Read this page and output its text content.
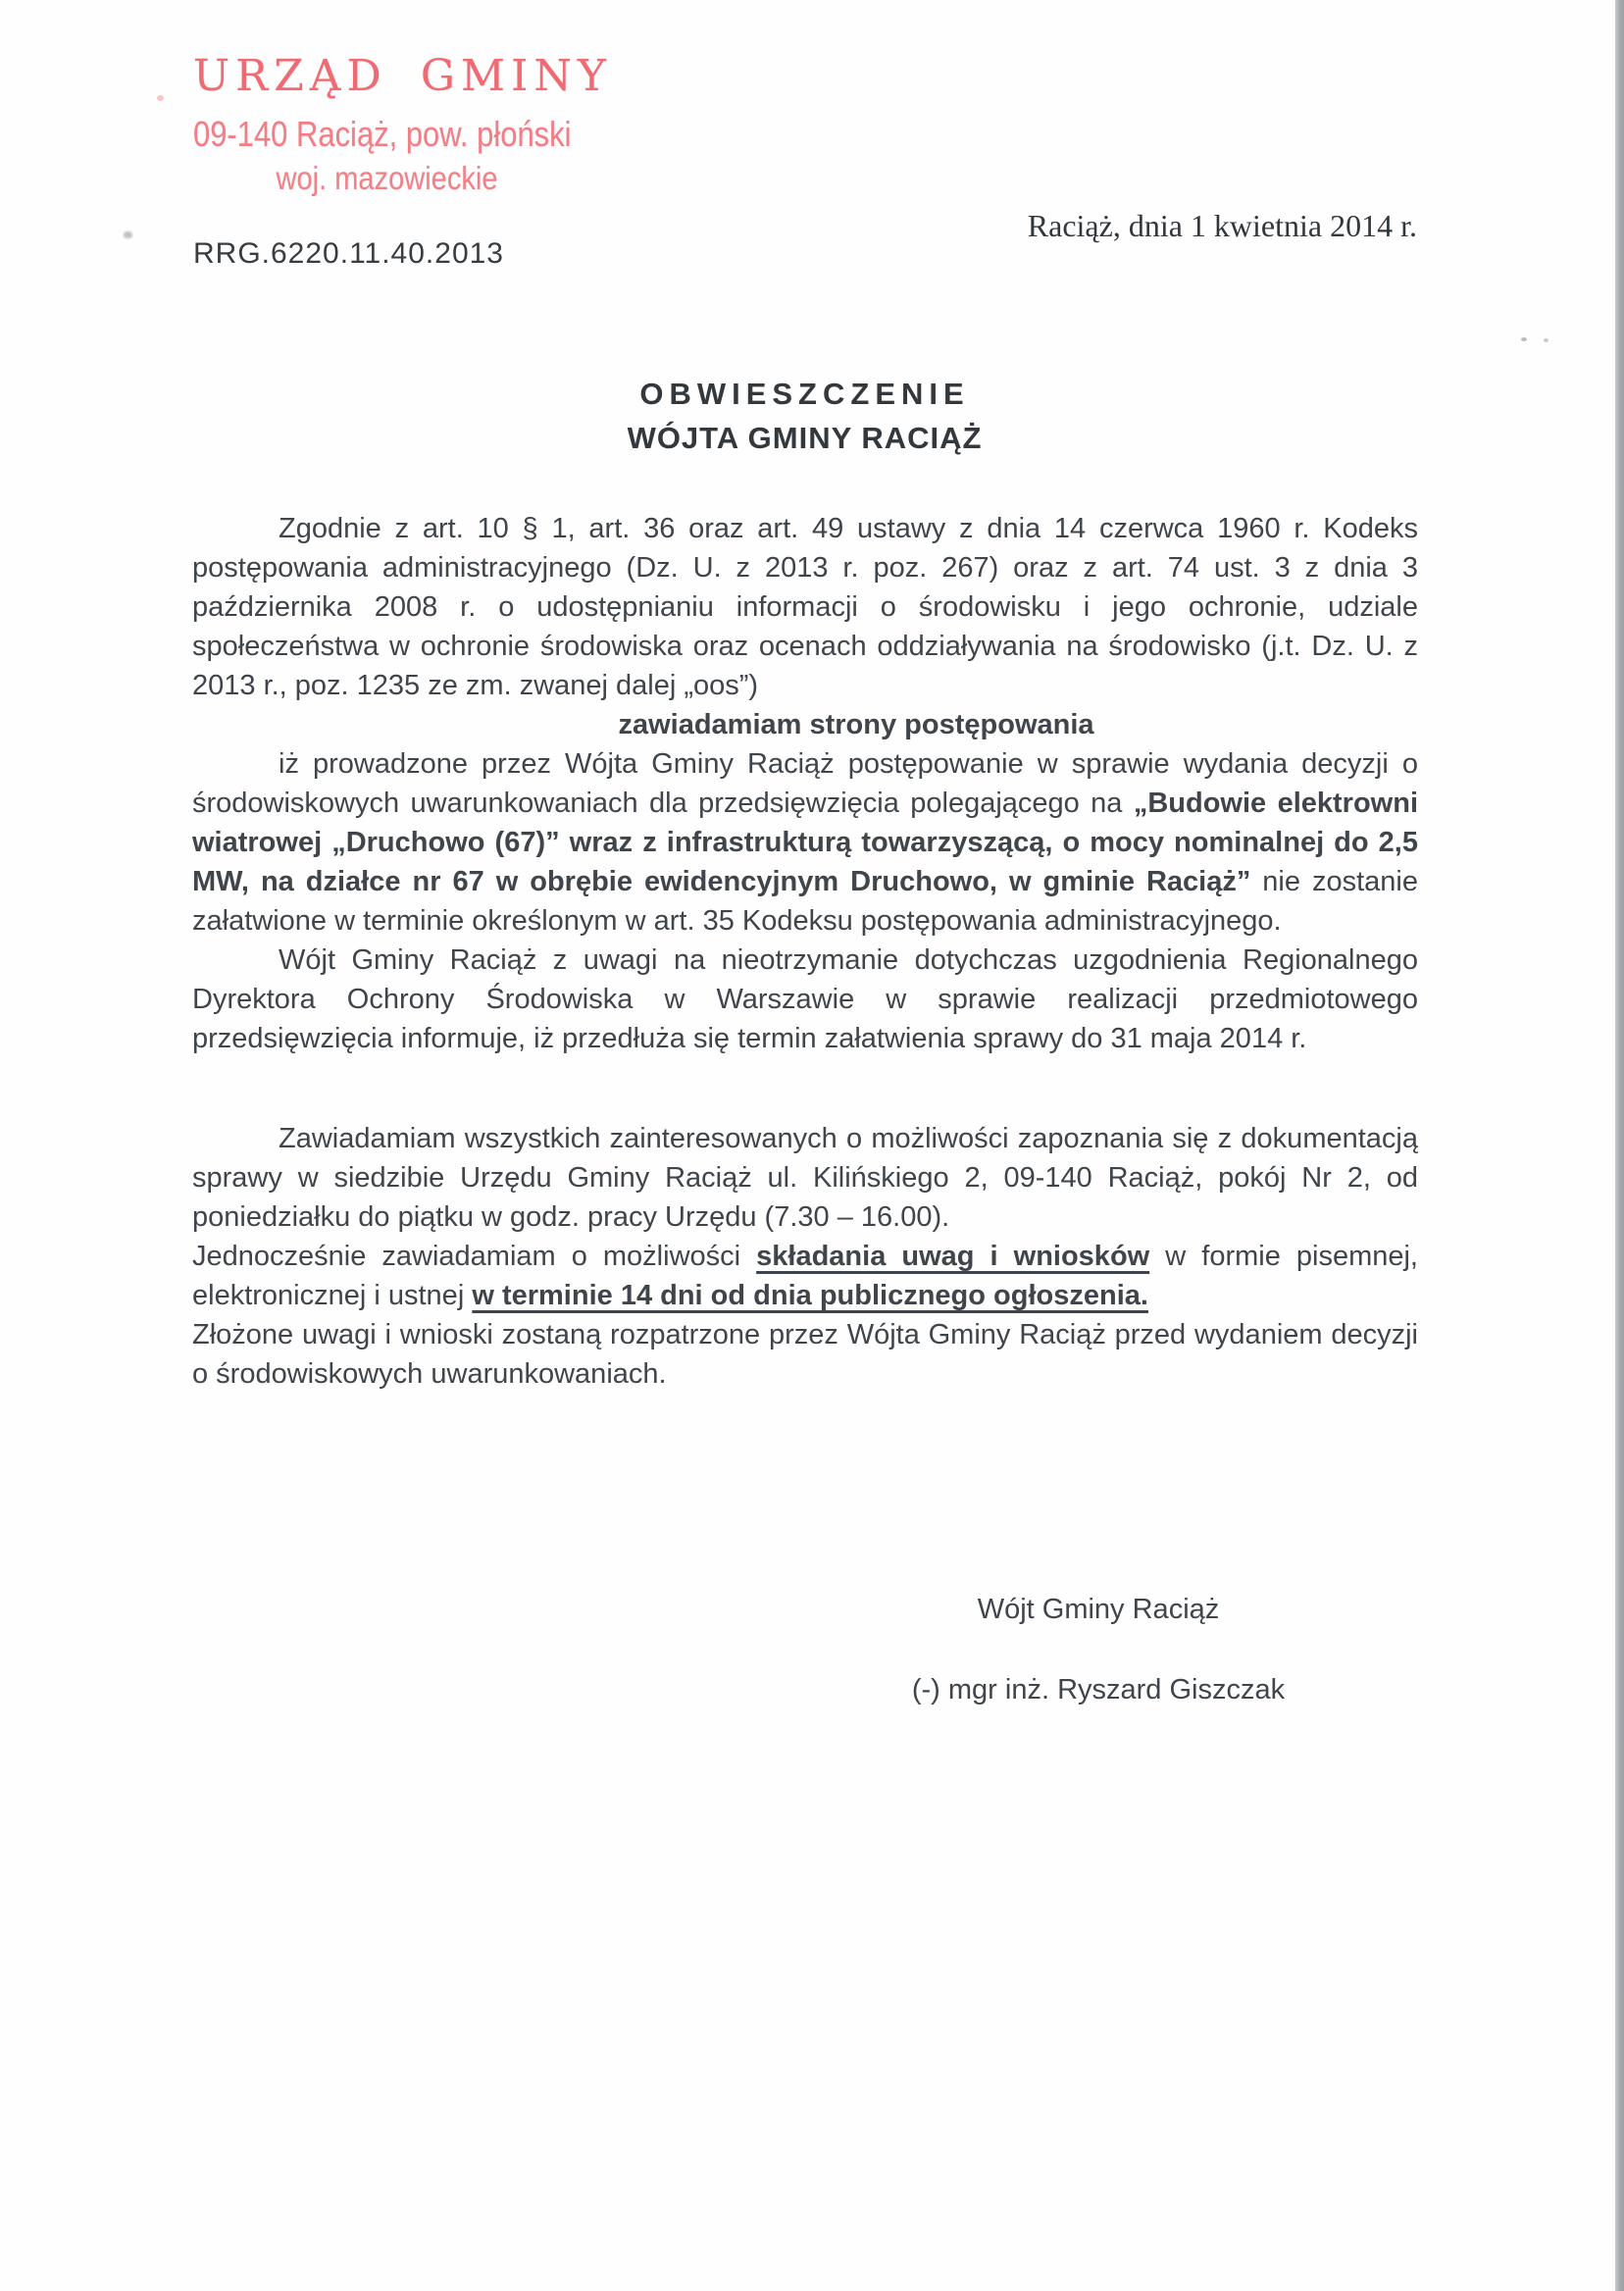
URZĄD GMINY
09-140 Raciąż, pow. płoński
woj. mazowieckie
Raciąż, dnia 1 kwietnia 2014 r.
RRG.6220.11.40.2013
OBWIESZCZENIE
WÓJTA GMINY RACIĄŻ

Zgodnie z art. 10 § 1, art. 36 oraz art. 49 ustawy z dnia 14 czerwca 1960 r. Kodeks postępowania administracyjnego (Dz. U. z 2013 r. poz. 267) oraz z art. 74 ust. 3 z dnia 3 października 2008 r. o udostępnianiu informacji o środowisku i jego ochronie, udziale społeczeństwa w ochronie środowiska oraz ocenach oddziaływania na środowisko (j.t. Dz. U. z 2013 r., poz. 1235 ze zm. zwanej dalej „oos”)

zawiadamiam strony postępowania

iż prowadzone przez Wójta Gminy Raciąż postępowanie w sprawie wydania decyzji o środowiskowych uwarunkowaniach dla przedsięwzięcia polegającego na „Budowie elektrowni wiatrowej „Druchowo (67)” wraz z infrastrukturą towarzyszącą, o mocy nominalnej do 2,5 MW, na działce nr 67 w obrębie ewidencyjnym Druchowo, w gminie Raciąż” nie zostanie załatwione w terminie określonym w art. 35 Kodeksu postępowania administracyjnego.

Wójt Gminy Raciąż z uwagi na nieotrzymanie dotychczas uzgodnienia Regionalnego Dyrektora Ochrony Środowiska w Warszawie w sprawie realizacji przedmiotowego przedsięwzięcia informuje, iż przedłuża się termin załatwienia sprawy do 31 maja 2014 r.

Zawiadamiam wszystkich zainteresowanych o możliwości zapoznania się z dokumentacją sprawy w siedzibie Urzędu Gminy Raciąż ul. Kilińskiego 2, 09-140 Raciąż, pokój Nr 2, od poniedziałku do piątku w godz. pracy Urzędu (7.30 – 16.00).

Jednocześnie zawiadamiam o możliwości składania uwag i wniosków w formie pisemnej, elektronicznej i ustnej w terminie 14 dni od dnia publicznego ogłoszenia.

Złożone uwagi i wnioski zostaną rozpatrzone przez Wójta Gminy Raciąż przed wydaniem decyzji o środowiskowych uwarunkowaniach.

Wójt Gminy Raciąż
(-) mgr inż. Ryszard Giszczak
